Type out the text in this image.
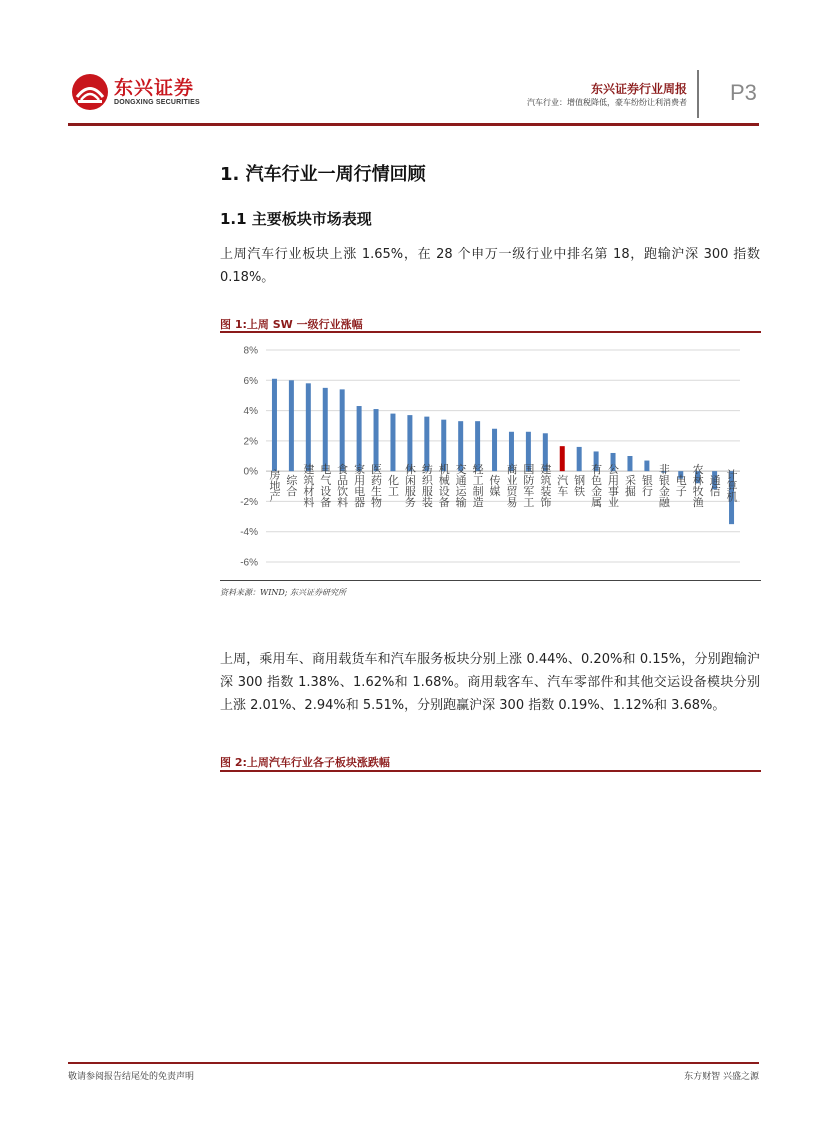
东兴证券
DONGXING SECURITIES
东兴证券行业周报
汽车行业：增值税降低，豪车纷纷让利消费者 P3
1. 汽车行业一周行情回顾
1.1 主要板块市场表现
上周汽车行业板块上涨 1.65%，在 28 个申万一级行业中排名第 18，跑输沪深 300 指数 0.18%。
图 1:上周 SW 一级行业涨幅
8%
6%
4%
2%
0%
-2%
-4%
-6%
房地产 综合 建筑材料 电气设备 食品饮料 家用电器 医药生物 化工 休闲服务 纺织服装 机械设备 交通运输 轻工制造 传媒 商业贸易 国防军工 建筑装饰 汽车 钢铁 有色金属 公用事业 采掘 银行 非银金融 电子 农林牧渔 通信 计算机
资料来源：WIND; 东兴证券研究所
上周，乘用车、商用载货车和汽车服务板块分别上涨 0.44%、0.20%和 0.15%，分别跑输沪深 300 指数 1.38%、1.62%和 1.68%。商用载客车、汽车零部件和其他交运设备模块分别上涨 2.01%、2.94%和 5.51%，分别跑赢沪深 300 指数 0.19%、1.12%和 3.68%。
图 2:上周汽车行业各子板块涨跌幅
敬请参阅报告结尾处的免责声明	东方财智 兴盛之源
